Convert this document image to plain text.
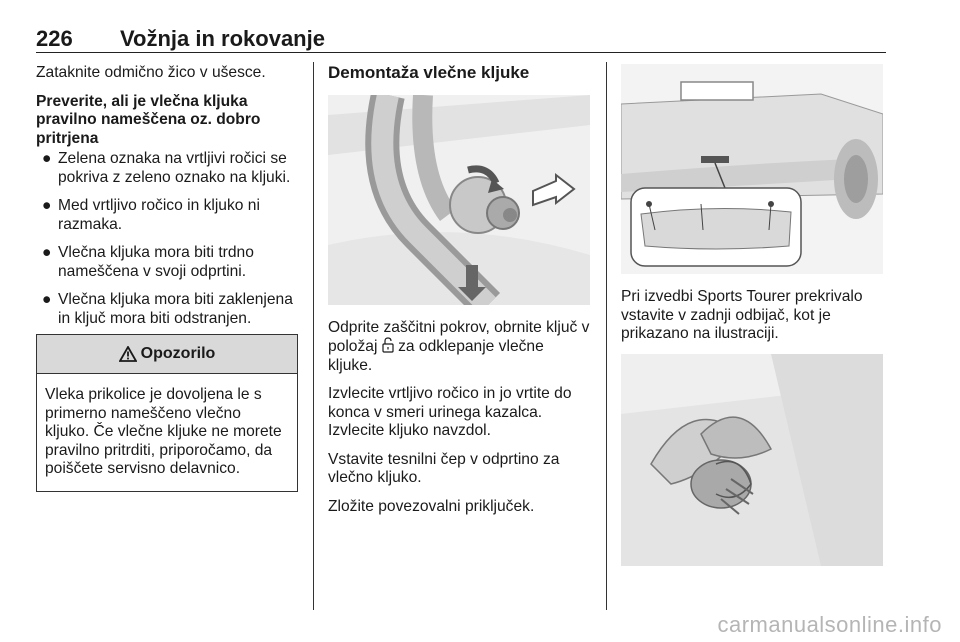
226 Vožnja in rokovanje

Zataknite odmično žico v ušesce.

Preverite, ali je vlečna kljuka pravilno nameščena oz. dobro pritrjena

● Zelena oznaka na vrtljivi ročici se pokriva z zeleno oznako na kljuki.
● Med vrtljivo ročico in kljuko ni razmaka.
● Vlečna kljuka mora biti trdno nameščena v svoji odprtini.
● Vlečna kljuka mora biti zaklenjena in ključ mora biti odstranjen.
Opozorilo
Vleka prikolice je dovoljena le s primerno nameščeno vlečno kljuko. Če vlečne kljuke ne morete pravilno pritrditi, priporočamo, da poiščete servisno delavnico.
Demontaža vlečne kljuke

Odprite zaščitni pokrov, obrnite ključ v položaj za odklepanje vlečne kljuke.

Izvlecite vrtljivo ročico in jo vrtite do konca v smeri urinega kazalca. Izvlecite kljuko navzdol.

Vstavite tesnilni čep v odprtino za vlečno kljuko.

Zložite povezovalni priključek.

Pri izvedbi Sports Tourer prekrivalo vstavite v zadnji odbijač, kot je prikazano na ilustraciji.

carmanualsonline.info
